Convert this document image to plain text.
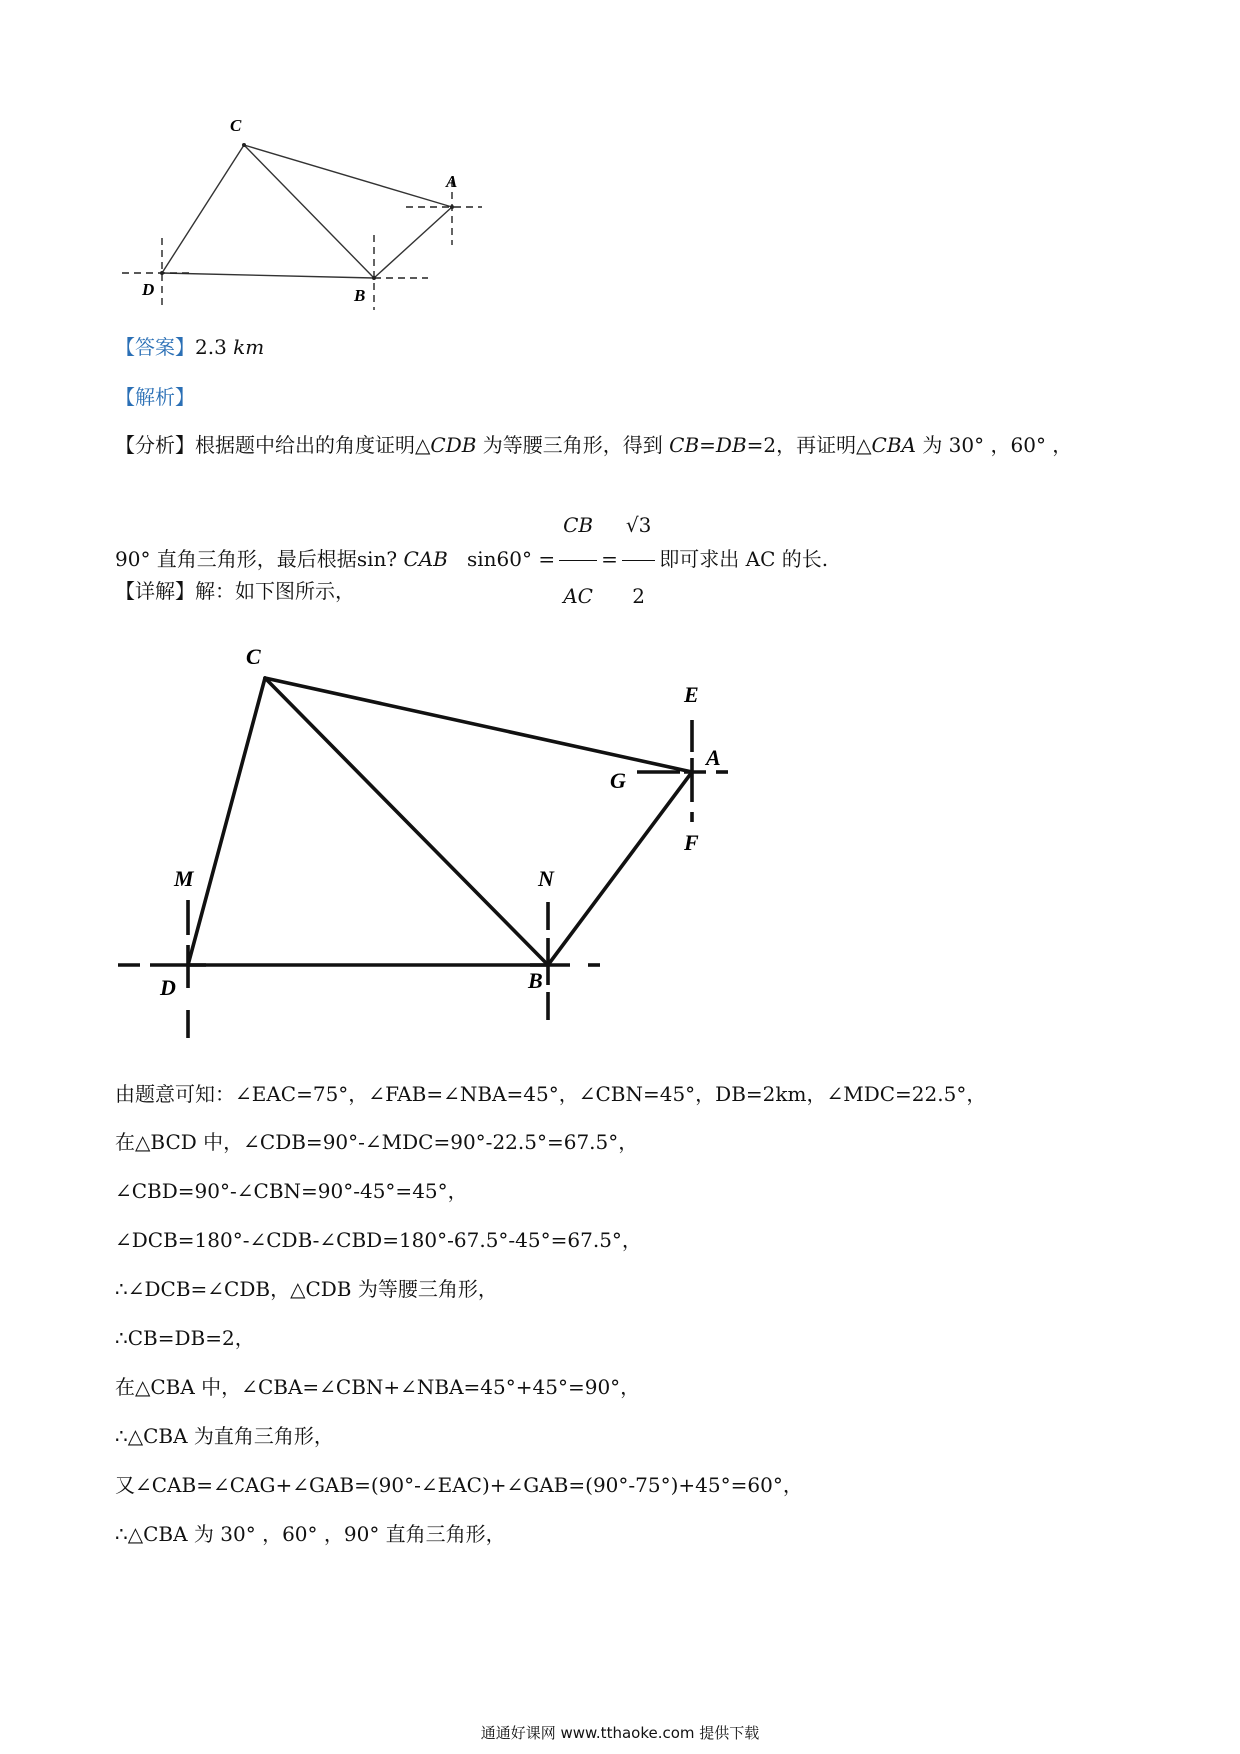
C
A
D	B
【答案】2.3 km
【解析】
【分析】根据题中给出的角度证明△CDB 为等腰三角形，得到 CB=DB=2，再证明△CBA 为 30° ，60° ，
90° 直角三角形，最后根据sin? CAB $\sin 60^\circ = \frac{CB}{AC} = \frac{√3}{2}$ 即可求出 AC 的长.
【详解】解：如下图所示，
C
E
A
G
F
M	N
D	B
由题意可知：∠EAC=75°，∠FAB=∠NBA=45°，∠CBN=45°，DB=2km，∠MDC=22.5°，
在△BCD 中，∠CDB=90°-∠MDC=90°-22.5°=67.5°，
∠CBD=90°-∠CBN=90°-45°=45°，
∠DCB=180°-∠CDB-∠CBD=180°-67.5°-45°=67.5°，
∴∠DCB=∠CDB，△CDB 为等腰三角形，
∴CB=DB=2，
在△CBA 中，∠CBA=∠CBN+∠NBA=45°+45°=90°，
∴△CBA 为直角三角形，
又∠CAB=∠CAG+∠GAB=(90°-∠EAC)+∠GAB=(90°-75°)+45°=60°，
∴△CBA 为 30° ，60° ，90° 直角三角形，
通通好课网 www.tthaoke.com 提供下载
